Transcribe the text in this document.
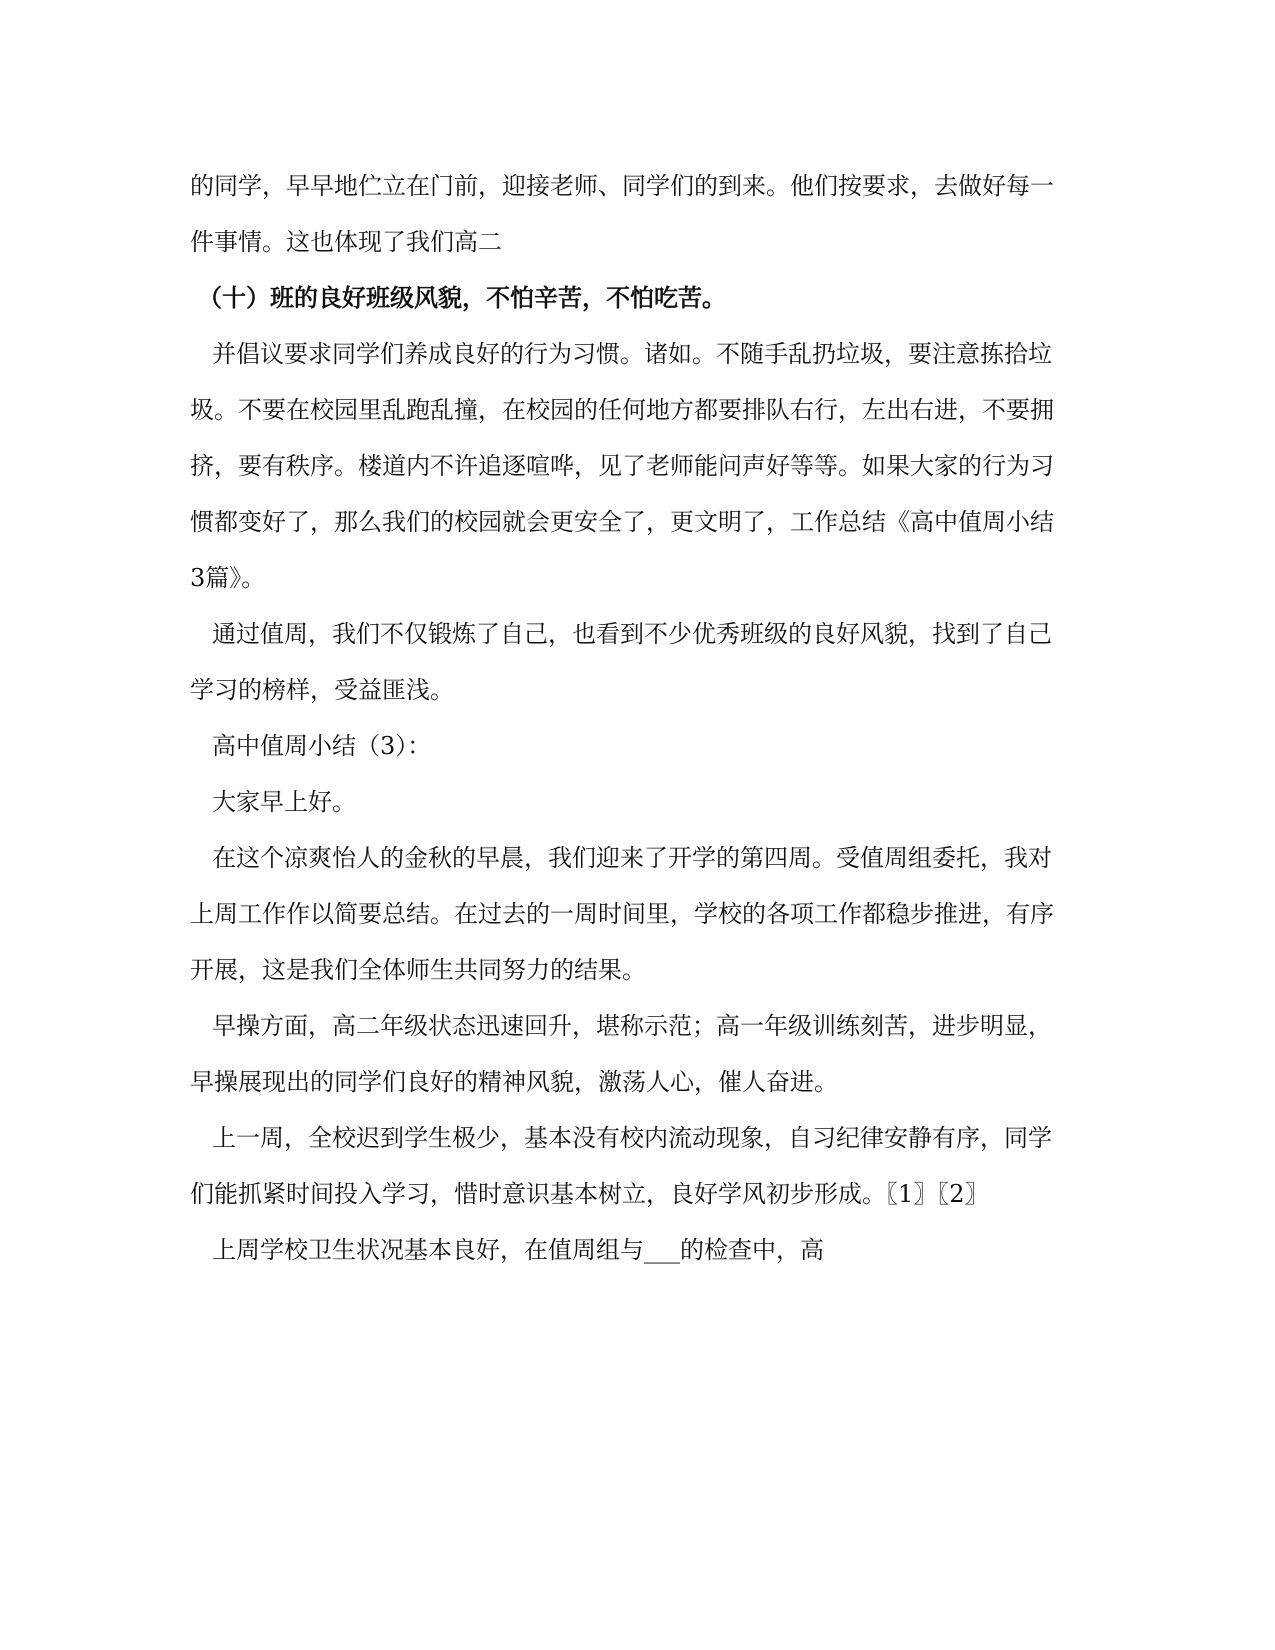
的同学，早早地伫立在门前，迎接老师、同学们的到来。他们按要求，去做好每一
件事情。这也体现了我们高二
（十）班的良好班级风貌，不怕辛苦，不怕吃苦。
并倡议要求同学们养成良好的行为习惯。诸如。不随手乱扔垃圾，要注意拣拾垃
圾。不要在校园里乱跑乱撞，在校园的任何地方都要排队右行，左出右进，不要拥
挤，要有秩序。楼道内不许追逐喧哗，见了老师能问声好等等。如果大家的行为习
惯都变好了，那么我们的校园就会更安全了，更文明了，工作总结《高中值周小结
3篇》。
通过值周，我们不仅锻炼了自己，也看到不少优秀班级的良好风貌，找到了自己
学习的榜样，受益匪浅。
高中值周小结（3）：
大家早上好。
在这个凉爽怡人的金秋的早晨，我们迎来了开学的第四周。受值周组委托，我对
上周工作作以简要总结。在过去的一周时间里，学校的各项工作都稳步推进，有序
开展，这是我们全体师生共同努力的结果。
早操方面，高二年级状态迅速回升，堪称示范；高一年级训练刻苦，进步明显，
早操展现出的同学们良好的精神风貌，激荡人心，催人奋进。
上一周，全校迟到学生极少，基本没有校内流动现象，自习纪律安静有序，同学
们能抓紧时间投入学习，惜时意识基本树立，良好学风初步形成。〖1〗〖2〗
上周学校卫生状况基本良好，在值周组与___的检查中，高
